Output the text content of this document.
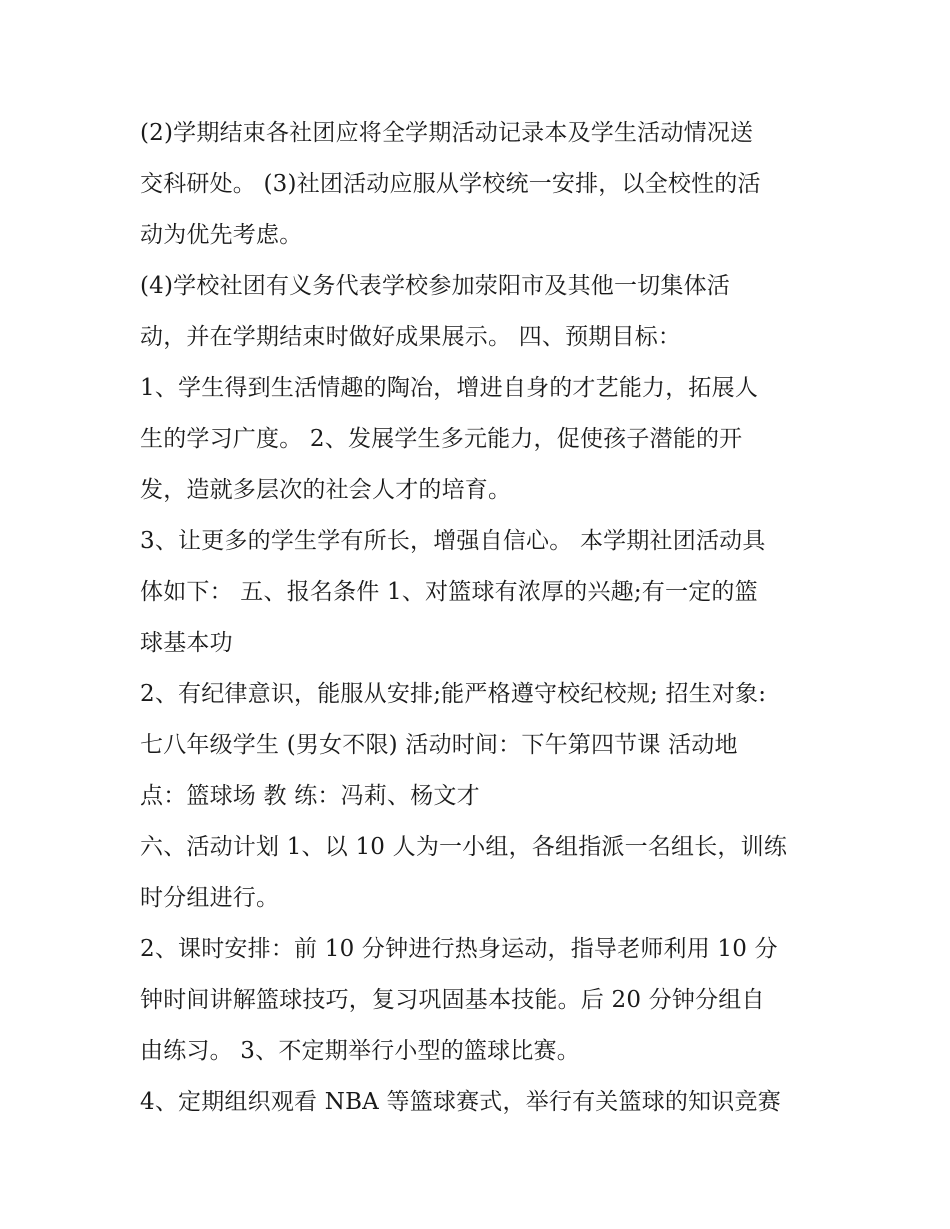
(2)学期结束各社团应将全学期活动记录本及学生活动情况送
交科研处。 (3)社团活动应服从学校统一安排，以全校性的活
动为优先考虑。
(4)学校社团有义务代表学校参加荥阳市及其他一切集体活
动，并在学期结束时做好成果展示。 四、预期目标：
1、学生得到生活情趣的陶冶，增进自身的才艺能力，拓展人
生的学习广度。 2、发展学生多元能力，促使孩子潜能的开
发，造就多层次的社会人才的培育。
3、让更多的学生学有所长，增强自信心。 本学期社团活动具
体如下： 五、报名条件 1、对篮球有浓厚的兴趣;有一定的篮
球基本功
2、有纪律意识，能服从安排;能严格遵守校纪校规; 招生对象:
七八年级学生 (男女不限) 活动时间：下午第四节课 活动地
点：篮球场 教 练：冯莉、杨文才
六、活动计划 1、以 10 人为一小组，各组指派一名组长，训练
时分组进行。
2、课时安排：前 10 分钟进行热身运动，指导老师利用 10 分
钟时间讲解篮球技巧，复习巩固基本技能。后 20 分钟分组自
由练习。 3、不定期举行小型的篮球比赛。
4、定期组织观看 NBA 等篮球赛式，举行有关篮球的知识竞赛
